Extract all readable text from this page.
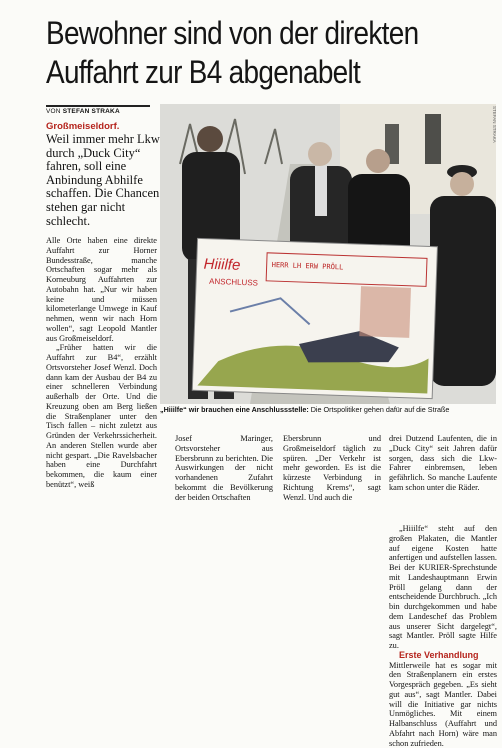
Bewohner sind von der direkten
Auffahrt zur B4 abgenabelt
VON STEFAN STRAKA
Großmeiseldorf.
Weil immer mehr Lkw durch „Duck City“ fahren, soll eine Anbindung Abhilfe schaffen. Die Chancen stehen gar nicht schlecht.

Alle Orte haben eine direkte Auffahrt zur Horner Bundesstraße, manche Ortschaften sogar mehr als Korneuburg Auffahrten zur Autobahn hat. „Nur wir haben keine und müssen kilometerlange Umwege in Kauf nehmen, wenn wir nach Horn wollen“, sagt Leopold Mantler aus Großmeiseldorf.

„Früher hatten wir die Auffahrt zur B4“, erzählt Ortsvorsteher Josef Wenzl. Doch dann kam der Ausbau der B4 zu einer schnelleren Verbindung außerhalb der Orte. Und die Kreuzung oben am Berg ließen die Straßenplaner unter den Tisch fallen – nicht zuletzt aus Gründen der Verkehrssicherheit. An anderen Stellen wurde aber nicht gespart. „Die Ravelsbacher haben eine Durchfahrt bekommen, die kaum einer benützt“, weiß

Hiiilfe
ANSCHLUSS
HERR LH ERW PRÖLL
STEFAN STRAKA
„Hiiilfe“ wir brauchen eine Anschlussstelle: Die Ortspolitiker gehen dafür auf die Straße

Josef Maringer, Ortsvorsteher aus Ebersbrunn zu berichten. Die Auswirkungen der nicht vorhandenen Zufahrt bekommt die Bevölkerung der beiden Ortschaften

Ebersbrunn und Großmeiseldorf täglich zu spüren. „Der Verkehr ist mehr geworden. Es ist die kürzeste Verbindung in Richtung Krems“, sagt Wenzl. Und auch die

drei Dutzend Laufenten, die in „Duck City“ seit Jahren dafür sorgen, dass sich die Lkw-Fahrer einbremsen, leben gefährlich. So manche Laufente kam schon unter die Räder.

„Hiiilfe“ steht auf den großen Plakaten, die Mantler auf eigene Kosten hatte anfertigen und aufstellen lassen. Bei der KURIER-Sprechstunde mit Landeshauptmann Erwin Pröll gelang dann der entscheidende Durchbruch. „Ich bin durchgekommen und habe dem Landeschef das Problem aus unserer Sicht dargelegt“, sagt Mantler. Pröll sagte Hilfe zu.

Erste Verhandlung

Mittlerweile hat es sogar mit den Straßenplanern ein erstes Vorgespräch gegeben. „Es sieht gut aus“, sagt Mantler. Dabei will die Initiative gar nichts Unmögliches. Mit einem Halbanschluss (Auffahrt und Abfahrt nach Horn) wäre man schon zufrieden.
